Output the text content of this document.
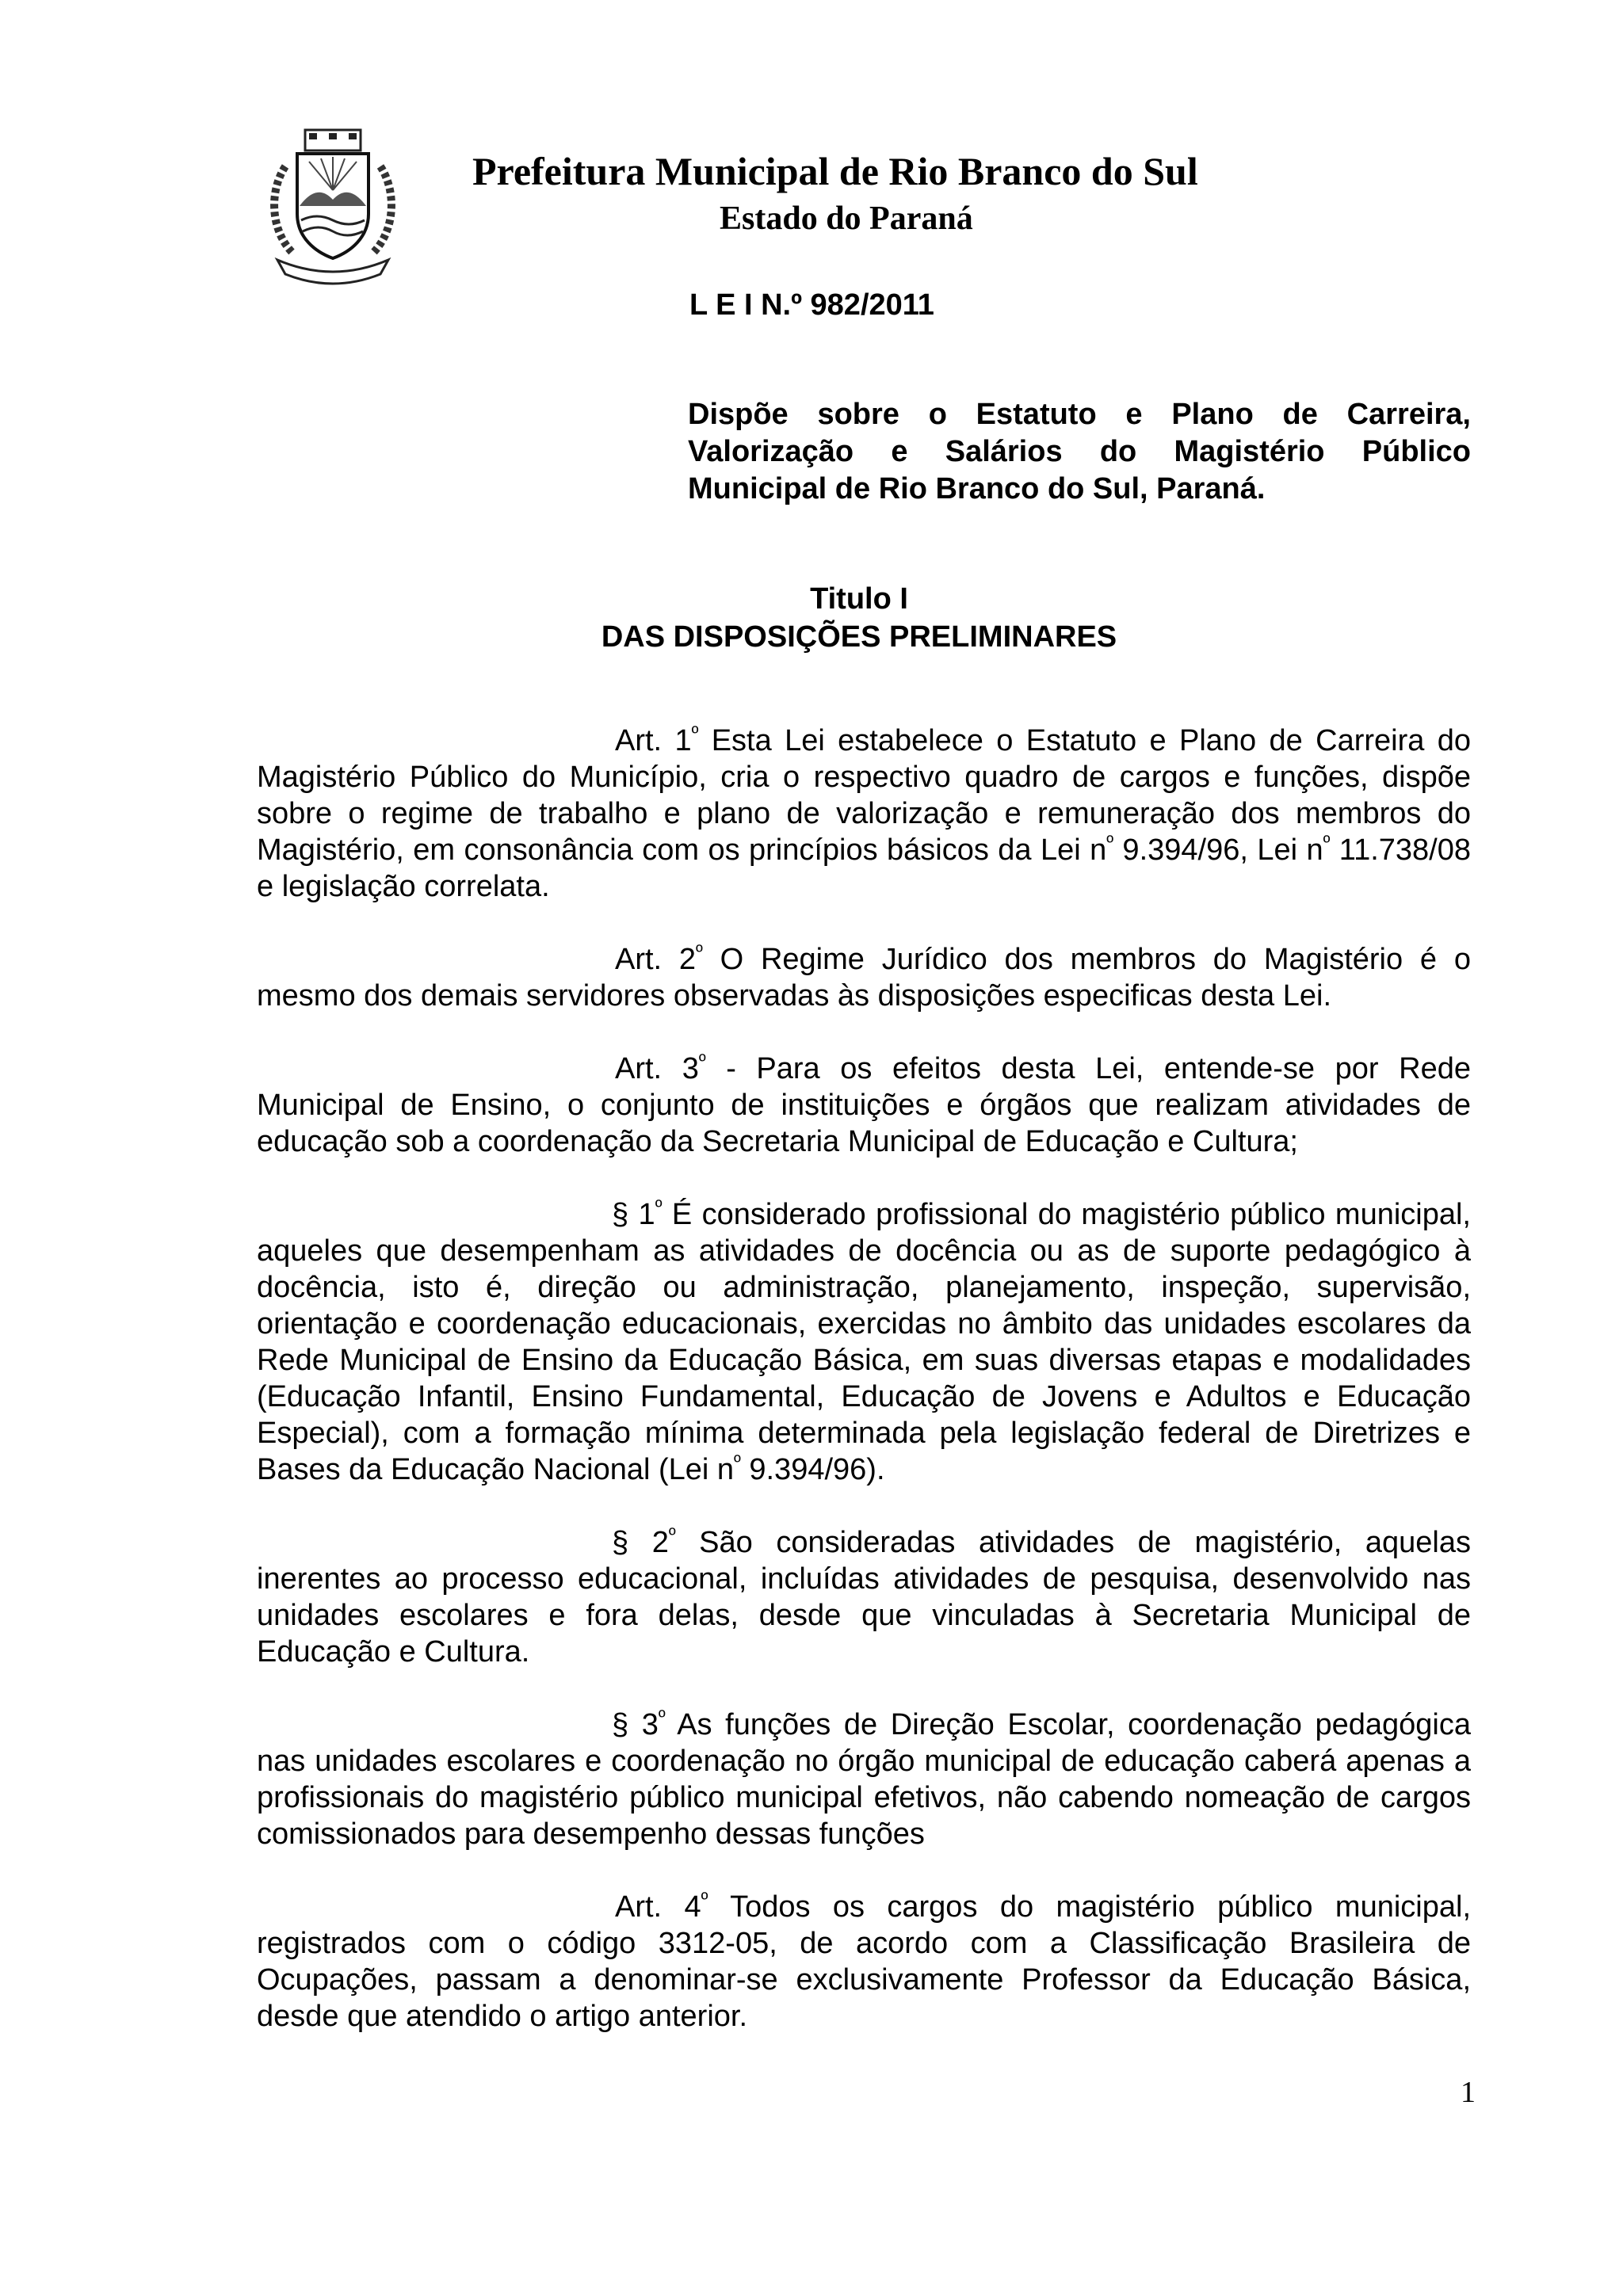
Prefeitura Municipal de Rio Branco do Sul
Estado do Paraná
L E I N.º 982/2011
Dispõe sobre o Estatuto e Plano de Carreira, Valorização e Salários do Magistério Público Municipal de Rio Branco do Sul, Paraná.
Titulo I
DAS DISPOSIÇÕES PRELIMINARES

Art. $1^º$ Esta Lei estabelece o Estatuto e Plano de Carreira do Magistério Público do Município, cria o respectivo quadro de cargos e funções, dispõe sobre o regime de trabalho e plano de valorização e remuneração dos membros do Magistério, em consonância com os princípios básicos da Lei $n^º$ 9.394/96, Lei $n^º$ 11.738/08 e legislação correlata.

Art. $2^º$ O Regime Jurídico dos membros do Magistério é o mesmo dos demais servidores observadas às disposições especificas desta Lei.

Art. $3^º$ - Para os efeitos desta Lei, entende-se por Rede Municipal de Ensino, o conjunto de instituições e órgãos que realizam atividades de educação sob a coordenação da Secretaria Municipal de Educação e Cultura;

§ $1^º$ É considerado profissional do magistério público municipal, aqueles que desempenham as atividades de docência ou as de suporte pedagógico à docência, isto é, direção ou administração, planejamento, inspeção, supervisão, orientação e coordenação educacionais, exercidas no âmbito das unidades escolares da Rede Municipal de Ensino da Educação Básica, em suas diversas etapas e modalidades (Educação Infantil, Ensino Fundamental, Educação de Jovens e Adultos e Educação Especial), com a formação mínima determinada pela legislação federal de Diretrizes e Bases da Educação Nacional (Lei $n^º$ 9.394/96).

§ $2^º$ São consideradas atividades de magistério, aquelas inerentes ao processo educacional, incluídas atividades de pesquisa, desenvolvido nas unidades escolares e fora delas, desde que vinculadas à Secretaria Municipal de Educação e Cultura.

§ $3^º$ As funções de Direção Escolar, coordenação pedagógica nas unidades escolares e coordenação no órgão municipal de educação caberá apenas a profissionais do magistério público municipal efetivos, não cabendo nomeação de cargos comissionados para desempenho dessas funções

Art. $4^º$ Todos os cargos do magistério público municipal, registrados com o código 3312-05, de acordo com a Classificação Brasileira de Ocupações, passam a denominar-se exclusivamente Professor da Educação Básica, desde que atendido o artigo anterior.

1
